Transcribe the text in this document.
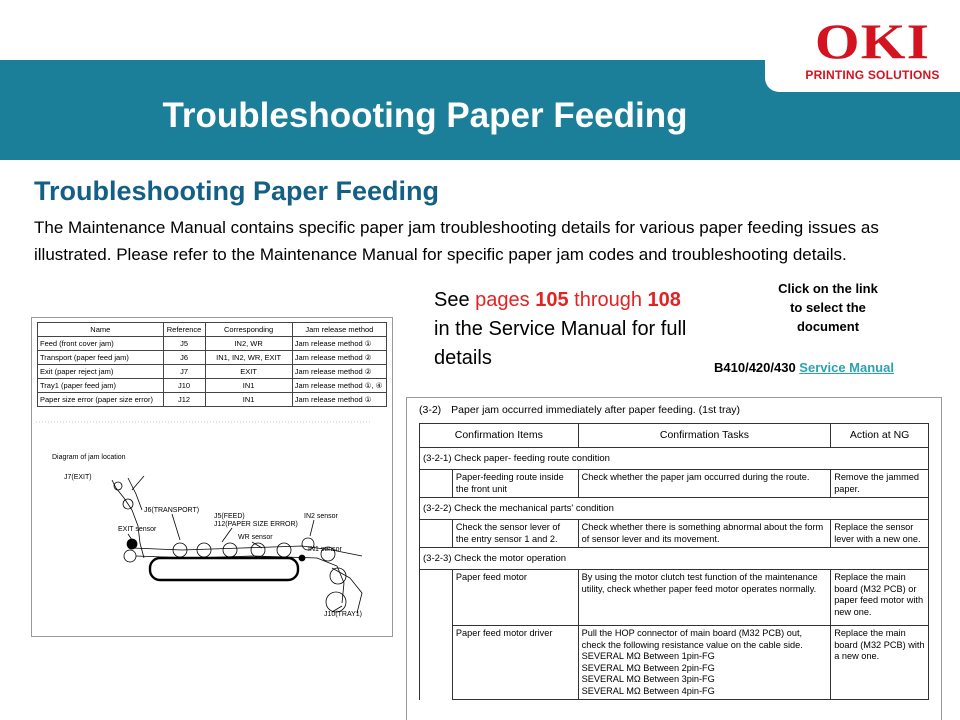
OKI
PRINTING SOLUTIONS
Troubleshooting Paper Feeding
Troubleshooting Paper Feeding
The Maintenance Manual contains specific paper jam troubleshooting details for various paper feeding issues as illustrated. Please refer to the Maintenance Manual for specific paper jam codes and troubleshooting details.
See pages 105 through 108 in the Service Manual for full details
Click on the link
to select the
document
B410/420/430 Service Manual
Name	Reference	Corresponding	Jam release method
Feed (front cover jam)	J5	IN2, WR	Jam release method ①
Transport (paper feed jam)	J6	IN1, IN2, WR, EXIT	Jam release method ②
Exit (paper reject jam)	J7	EXIT	Jam release method ②
Tray1 (paper feed jam)	J10	IN1	Jam release method ①, ④
Paper size error (paper size error)	J12	IN1	Jam release method ①
Diagram of jam location
J7(EXIT)
J6(TRANSPORT)
J5(FEED)
J12(PAPER SIZE ERROR)
IN2 sensor
EXIT sensor
WR sensor
IN1 sensor
J10(TRAY1)
(3-2) Paper jam occurred immediately after paper feeding. (1st tray)
Confirmation Items		Confirmation Tasks	Action at NG
(3-2-1) Check paper- feeding route condition			
	Paper-feeding route inside the front unit	Check whether the paper jam occurred during the route.	Remove the jammed paper.
(3-2-2) Check the mechanical parts' condition			
	Check the sensor lever of the entry sensor 1 and 2.	Check whether there is something abnormal about the form of sensor lever and its movement.	Replace the sensor lever with a new one.
(3-2-3) Check the motor operation			
	Paper feed motor	By using the motor clutch test function of the maintenance utility, check whether paper feed motor operates normally.	Replace the main board (M32 PCB) or paper feed motor with new one.
	Paper feed motor driver	Pull the HOP connector of main board (M32 PCB) out, check the following resistance value on the cable side.
SEVERAL MΩ Between 1pin-FG
SEVERAL MΩ Between 2pin-FG
SEVERAL MΩ Between 3pin-FG
SEVERAL MΩ Between 4pin-FG	Replace the main board (M32 PCB) with a new one.
